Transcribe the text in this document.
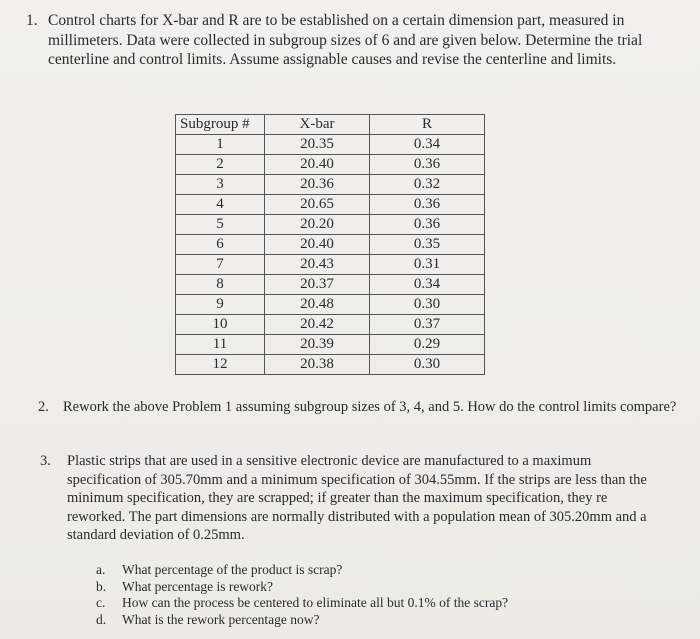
1. Control charts for X-bar and R are to be established on a certain dimension part, measured in millimeters. Data were collected in subgroup sizes of 6 and are given below. Determine the trial centerline and control limits. Assume assignable causes and revise the centerline and limits.
Subgroup #	X-bar	R
1	20.35	0.34
2	20.40	0.36
3	20.36	0.32
4	20.65	0.36
5	20.20	0.36
6	20.40	0.35
7	20.43	0.31
8	20.37	0.34
9	20.48	0.30
10	20.42	0.37
11	20.39	0.29
12	20.38	0.30
2. Rework the above Problem 1 assuming subgroup sizes of 3, 4, and 5. How do the control limits compare?
3. Plastic strips that are used in a sensitive electronic device are manufactured to a maximum specification of 305.70mm and a minimum specification of 304.55mm. If the strips are less than the minimum specification, they are scrapped; if greater than the maximum specification, they re reworked. The part dimensions are normally distributed with a population mean of 305.20mm and a standard deviation of 0.25mm.
a. What percentage of the product is scrap?
b. What percentage is rework?
c. How can the process be centered to eliminate all but 0.1% of the scrap?
d. What is the rework percentage now?
